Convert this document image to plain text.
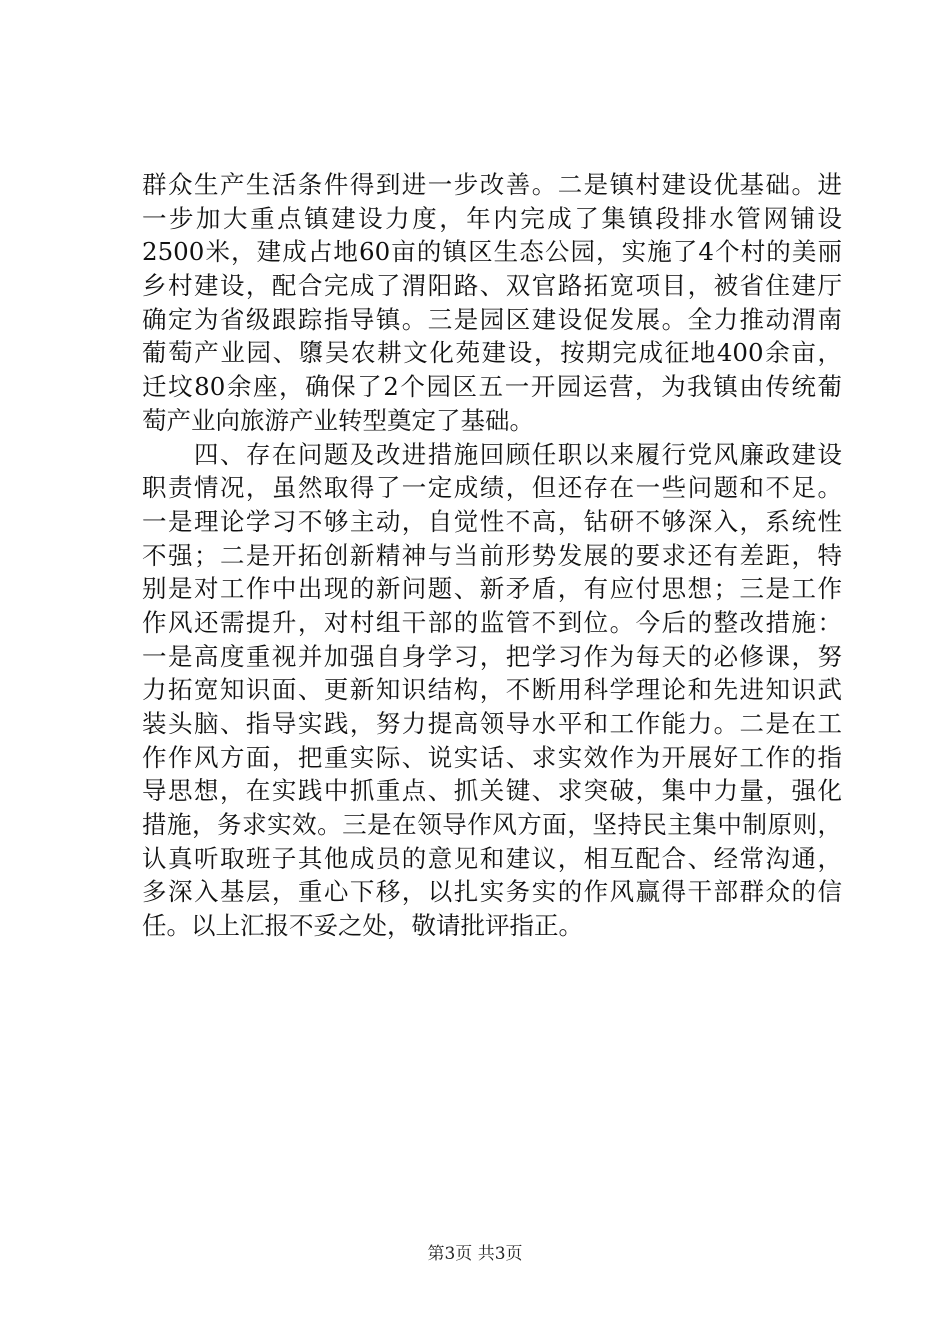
群众生产生活条件得到进一步改善。二是镇村建设优基础。进
一步加大重点镇建设力度，年内完成了集镇段排水管网铺设
2500米，建成占地60亩的镇区生态公园，实施了4个村的美丽
乡村建设，配合完成了渭阳路、双官路拓宽项目，被省住建厅
确定为省级跟踪指导镇。三是园区建设促发展。全力推动渭南
葡萄产业园、隳吴农耕文化苑建设，按期完成征地400余亩，
迁坟80余座，确保了2个园区五一开园运营，为我镇由传统葡
萄产业向旅游产业转型奠定了基础。
　　四、存在问题及改进措施回顾任职以来履行党风廉政建设
职责情况，虽然取得了一定成绩，但还存在一些问题和不足。
一是理论学习不够主动，自觉性不高，钻研不够深入，系统性
不强；二是开拓创新精神与当前形势发展的要求还有差距，特
别是对工作中出现的新问题、新矛盾，有应付思想；三是工作
作风还需提升，对村组干部的监管不到位。今后的整改措施：
一是高度重视并加强自身学习，把学习作为每天的必修课，努
力拓宽知识面、更新知识结构，不断用科学理论和先进知识武
装头脑、指导实践，努力提高领导水平和工作能力。二是在工
作作风方面，把重实际、说实话、求实效作为开展好工作的指
导思想，在实践中抓重点、抓关键、求突破，集中力量，强化
措施，务求实效。三是在领导作风方面，坚持民主集中制原则，
认真听取班子其他成员的意见和建议，相互配合、经常沟通，
多深入基层，重心下移，以扎实务实的作风赢得干部群众的信
任。以上汇报不妥之处，敬请批评指正。
第3页 共3页
